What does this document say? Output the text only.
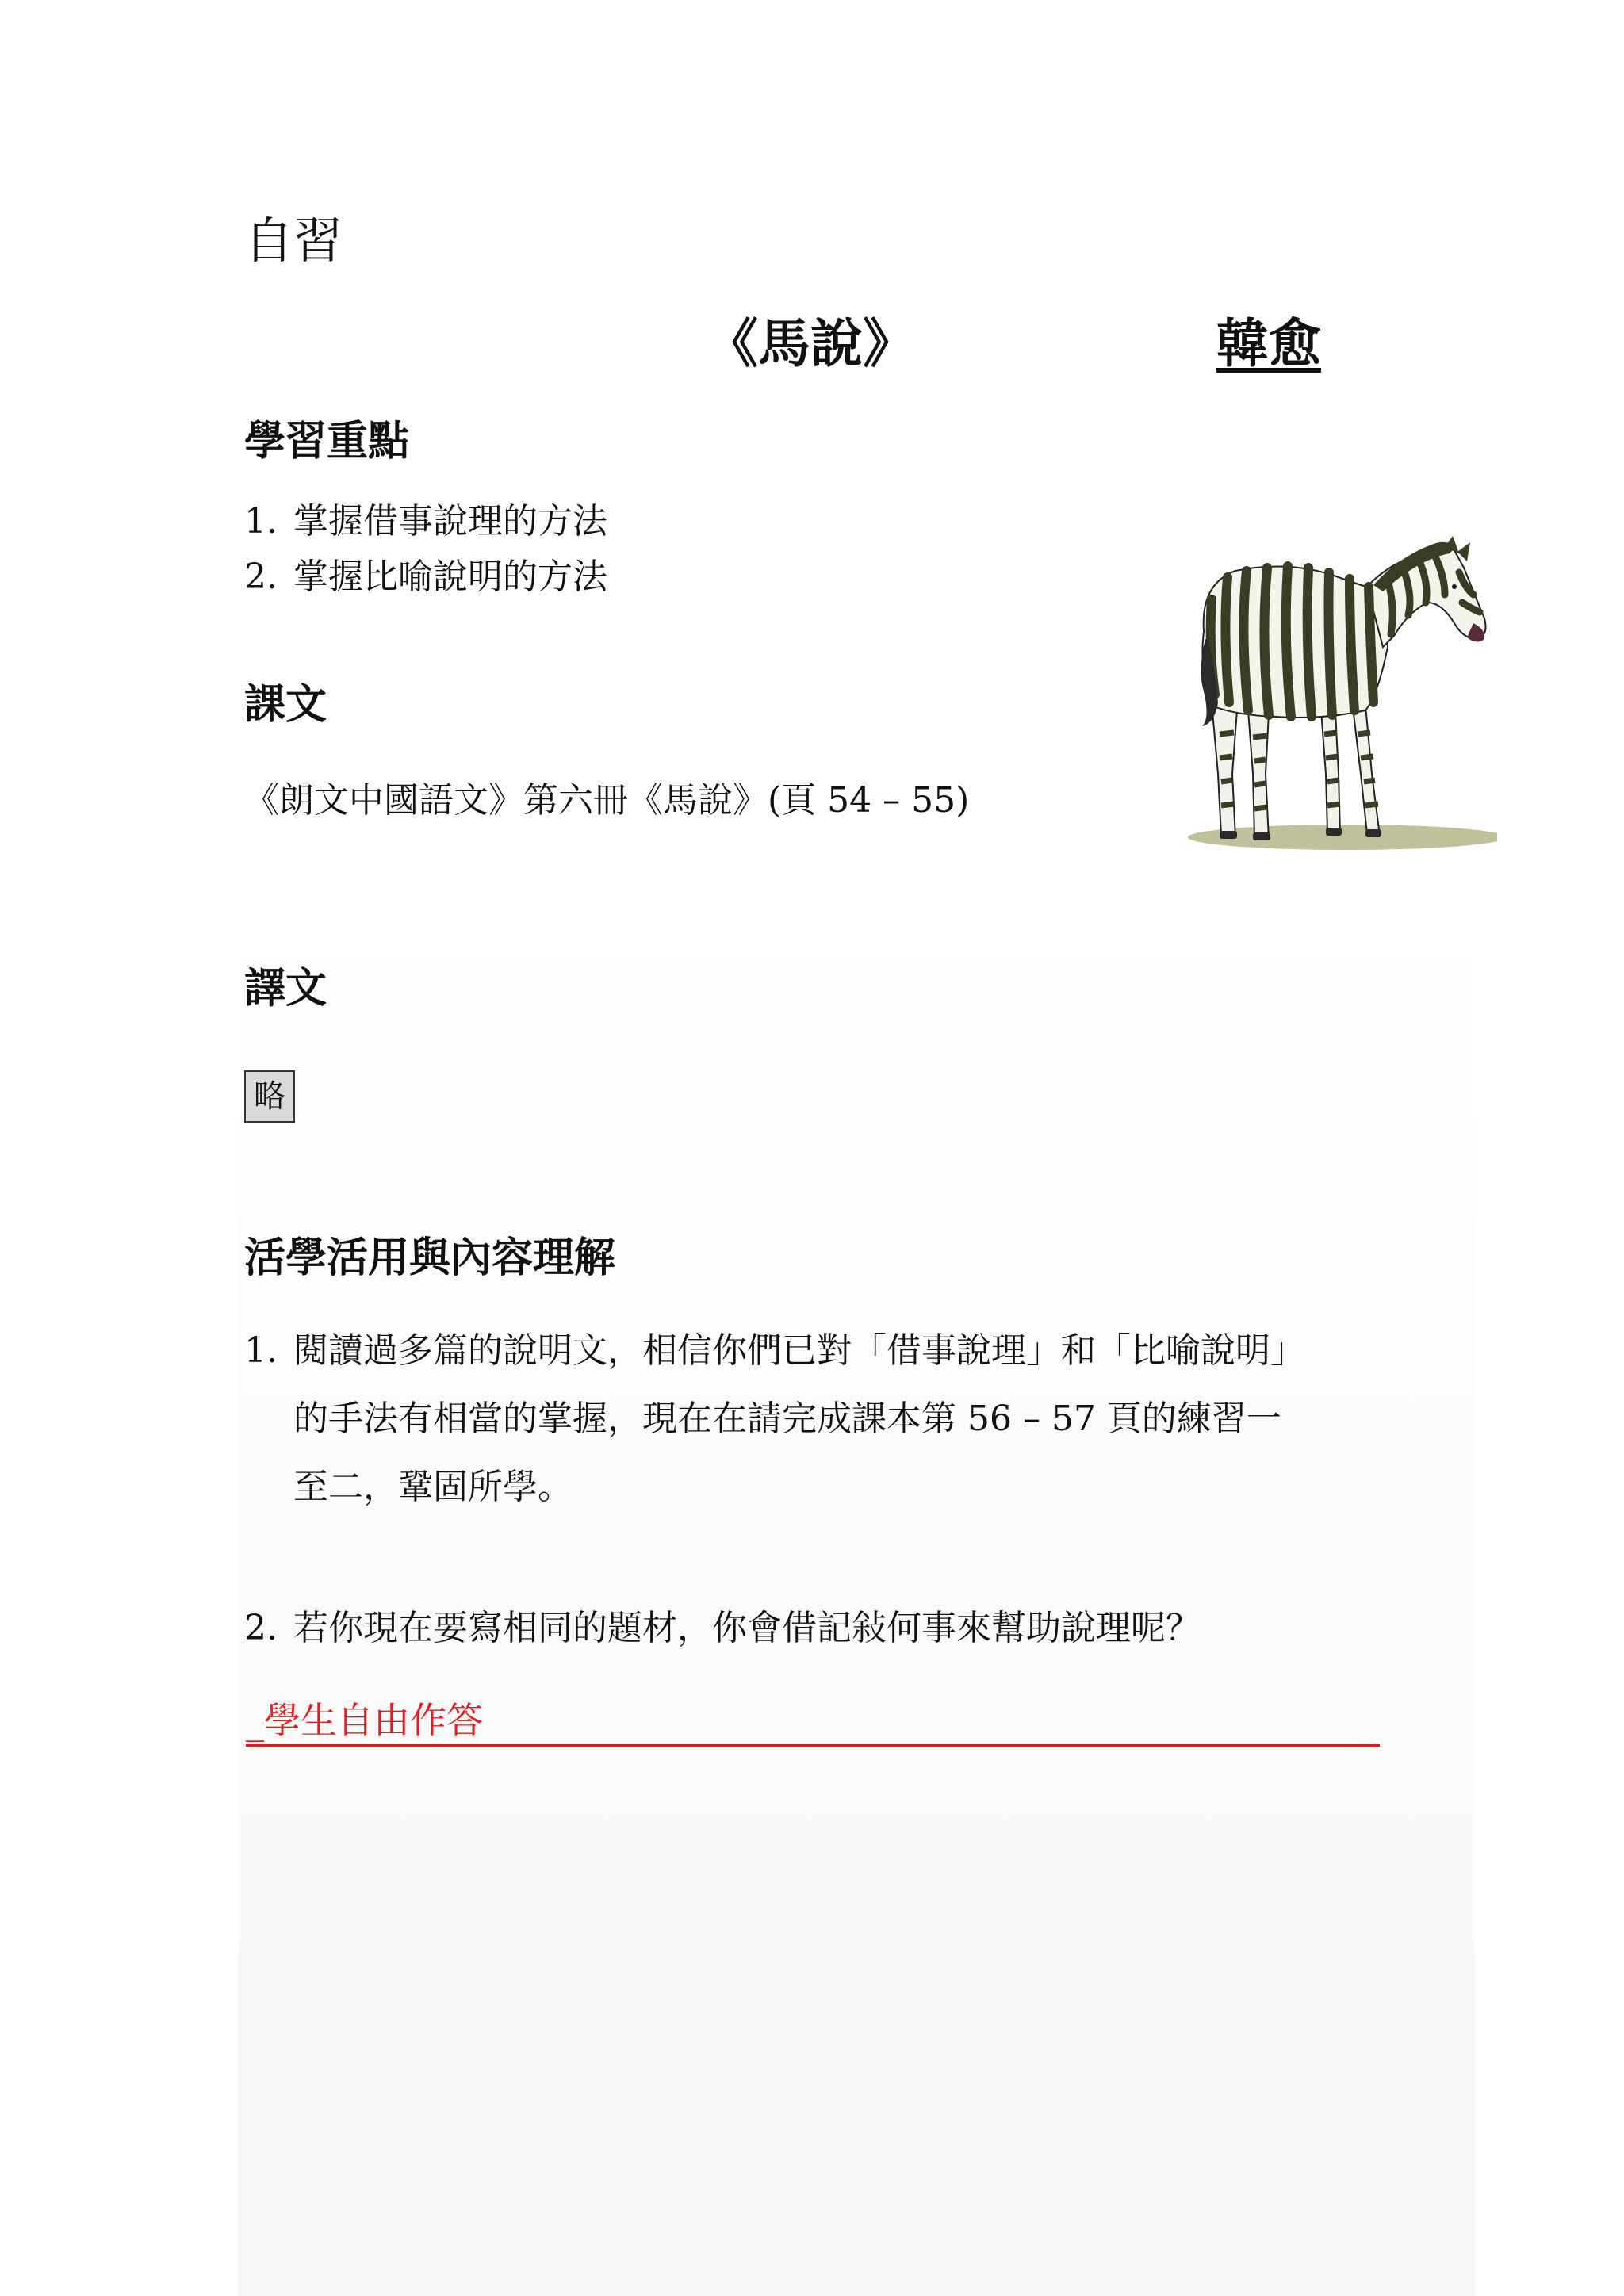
自習
《馬說》	韓愈
學習重點
1. 掌握借事說理的方法
2. 掌握比喻說明的方法
課文
《朗文中國語文》第六冊《馬說》(頁 54 – 55)
譯文
略
活學活用與內容理解
1. 閱讀過多篇的說明文，相信你們已對「借事說理」和「比喻說明」
的手法有相當的掌握，現在在請完成課本第 56 – 57 頁的練習一
至二，鞏固所學。
2. 若你現在要寫相同的題材，你會借記敍何事來幫助說理呢？
_學生自由作答
